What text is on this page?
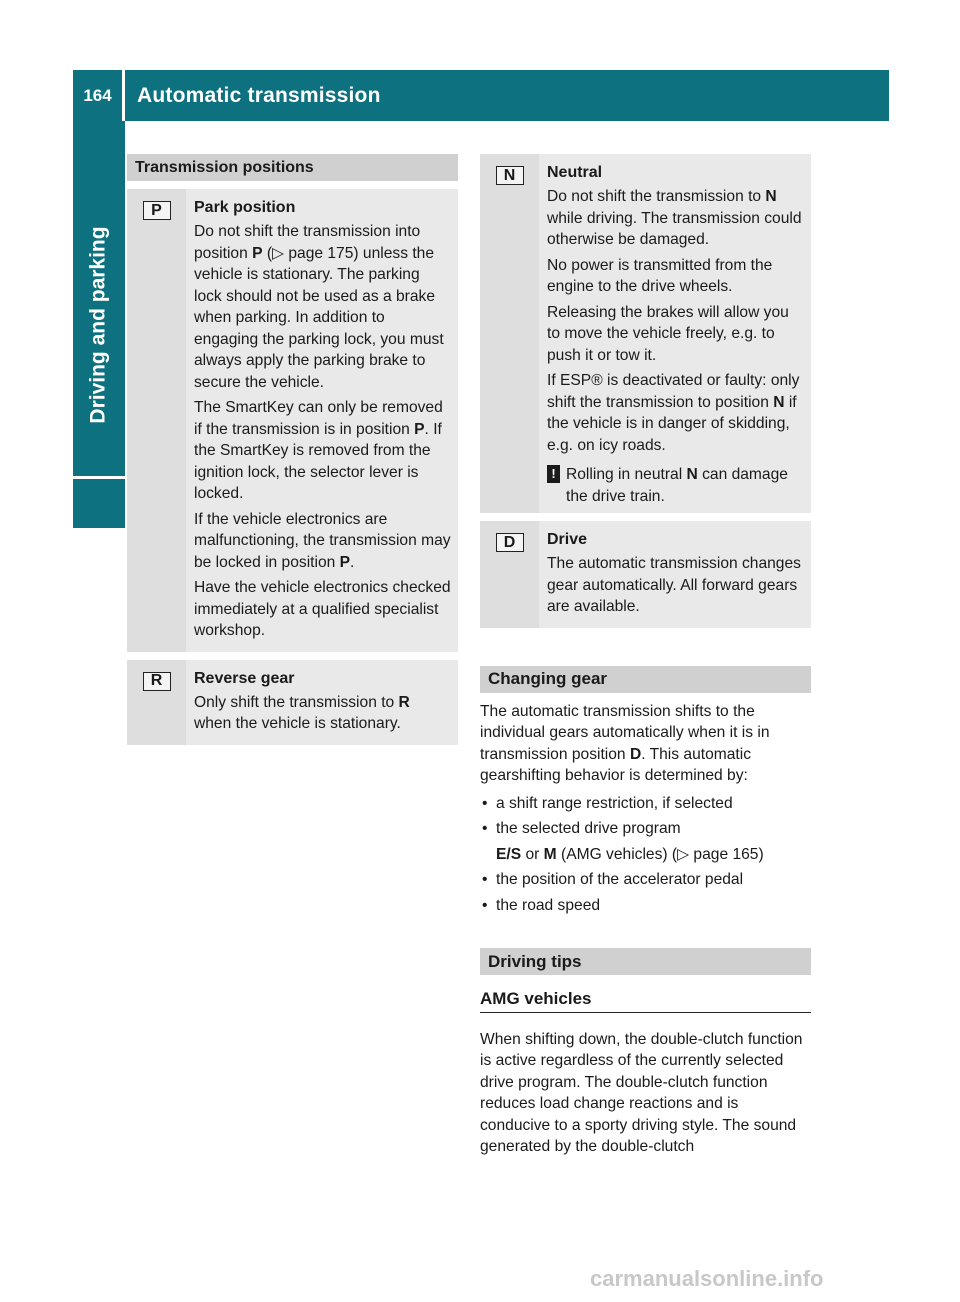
164	Automatic transmission
Driving and parking
Transmission positions
P	Park position

Do not shift the transmission into position P (▷ page 175) unless the vehicle is stationary. The parking lock should not be used as a brake when parking. In addition to engaging the parking lock, you must always apply the parking brake to secure the vehicle.

The SmartKey can only be removed if the transmission is in position P. If the SmartKey is removed from the ignition lock, the selector lever is locked.

If the vehicle electronics are malfunctioning, the transmission may be locked in position P.

Have the vehicle electronics checked immediately at a qualified specialist workshop.

R	Reverse gear

Only shift the transmission to R when the vehicle is stationary.

N	Neutral

Do not shift the transmission to N while driving. The transmission could otherwise be damaged.

No power is transmitted from the engine to the drive wheels.

Releasing the brakes will allow you to move the vehicle freely, e.g. to push it or tow it.

If ESP® is deactivated or faulty: only shift the transmission to position N if the vehicle is in danger of skidding, e.g. on icy roads.

! Rolling in neutral N can damage the drive train.
D	Drive

The automatic transmission changes gear automatically. All forward gears are available.

Changing gear

The automatic transmission shifts to the individual gears automatically when it is in transmission position D. This automatic gearshifting behavior is determined by:

• a shift range restriction, if selected
• the selected drive program
E/S or M (AMG vehicles) (▷ page 165)
• the position of the accelerator pedal
• the road speed
Driving tips
AMG vehicles

When shifting down, the double-clutch function is active regardless of the currently selected drive program. The double-clutch function reduces load change reactions and is conducive to a sporty driving style. The sound generated by the double-clutch

carmanualsonline.info
